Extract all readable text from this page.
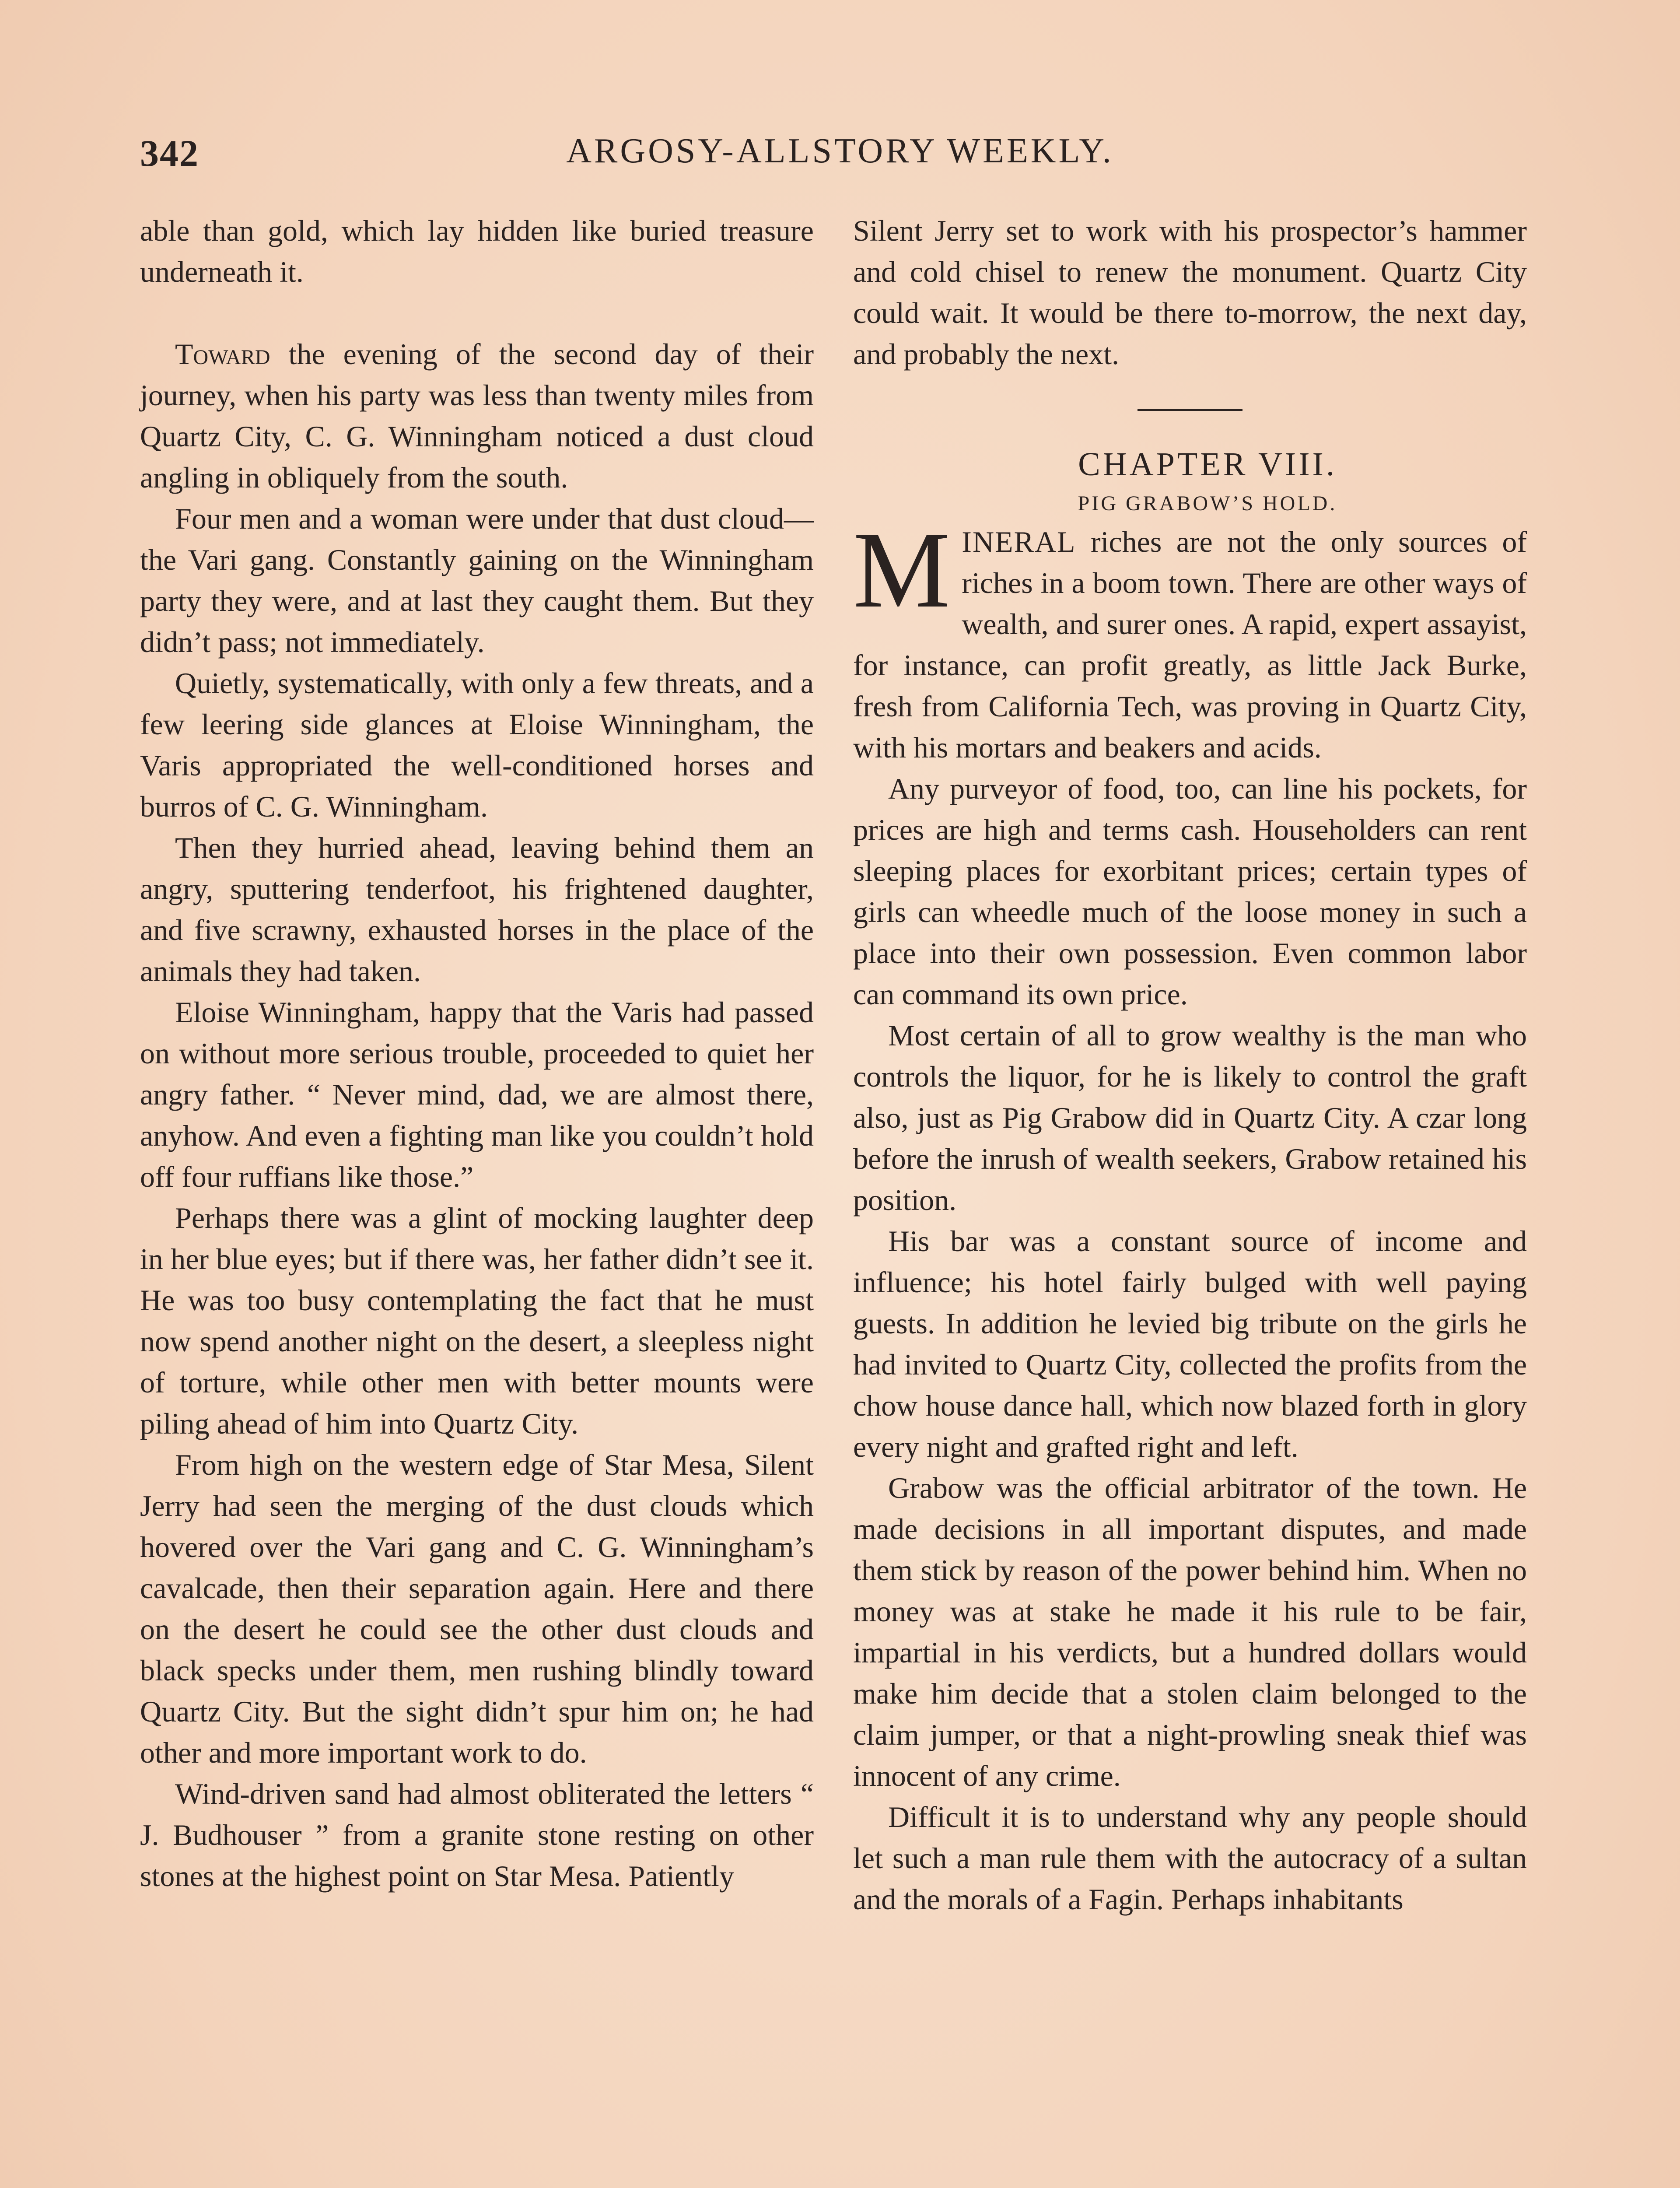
342	ARGOSY-ALLSTORY WEEKLY.

able than gold, which lay hidden like buried treasure underneath it.

Toward the evening of the second day of their journey, when his party was less than twenty miles from Quartz City, C. G. Winningham noticed a dust cloud angling in obliquely from the south.

Four men and a woman were under that dust cloud—the Vari gang. Constantly gaining on the Winningham party they were, and at last they caught them. But they didn’t pass; not immediately.

Quietly, systematically, with only a few threats, and a few leering side glances at Eloise Winningham, the Varis appropriated the well-conditioned horses and burros of C. G. Winningham.

Then they hurried ahead, leaving behind them an angry, sputtering tenderfoot, his frightened daughter, and five scrawny, exhausted horses in the place of the animals they had taken.

Eloise Winningham, happy that the Varis had passed on without more serious trouble, proceeded to quiet her angry father. “ Never mind, dad, we are almost there, anyhow. And even a fighting man like you couldn’t hold off four ruffians like those.”

Perhaps there was a glint of mocking laughter deep in her blue eyes; but if there was, her father didn’t see it. He was too busy contemplating the fact that he must now spend another night on the desert, a sleepless night of torture, while other men with better mounts were piling ahead of him into Quartz City.

From high on the western edge of Star Mesa, Silent Jerry had seen the merging of the dust clouds which hovered over the Vari gang and C. G. Winningham’s cavalcade, then their separation again. Here and there on the desert he could see the other dust clouds and black specks under them, men rushing blindly toward Quartz City. But the sight didn’t spur him on; he had other and more important work to do.

Wind-driven sand had almost obliterated the letters “ J. Budhouser ” from a granite stone resting on other stones at the highest point on Star Mesa. Patiently

Silent Jerry set to work with his prospector’s hammer and cold chisel to renew the monument. Quartz City could wait. It would be there to-morrow, the next day, and probably the next.

CHAPTER VIII.

PIG GRABOW’S HOLD.

MINERAL riches are not the only sources of riches in a boom town. There are other ways of wealth, and surer ones. A rapid, expert assayist, for instance, can profit greatly, as little Jack Burke, fresh from California Tech, was proving in Quartz City, with his mortars and beakers and acids.

Any purveyor of food, too, can line his pockets, for prices are high and terms cash. Householders can rent sleeping places for exorbitant prices; certain types of girls can wheedle much of the loose money in such a place into their own possession. Even common labor can command its own price.

Most certain of all to grow wealthy is the man who controls the liquor, for he is likely to control the graft also, just as Pig Grabow did in Quartz City. A czar long before the inrush of wealth seekers, Grabow retained his position.

His bar was a constant source of income and influence; his hotel fairly bulged with well paying guests. In addition he levied big tribute on the girls he had invited to Quartz City, collected the profits from the chow house dance hall, which now blazed forth in glory every night and grafted right and left.

Grabow was the official arbitrator of the town. He made decisions in all important disputes, and made them stick by reason of the power behind him. When no money was at stake he made it his rule to be fair, impartial in his verdicts, but a hundred dollars would make him decide that a stolen claim belonged to the claim jumper, or that a night-prowling sneak thief was innocent of any crime.

Difficult it is to understand why any people should let such a man rule them with the autocracy of a sultan and the morals of a Fagin. Perhaps inhabitants
